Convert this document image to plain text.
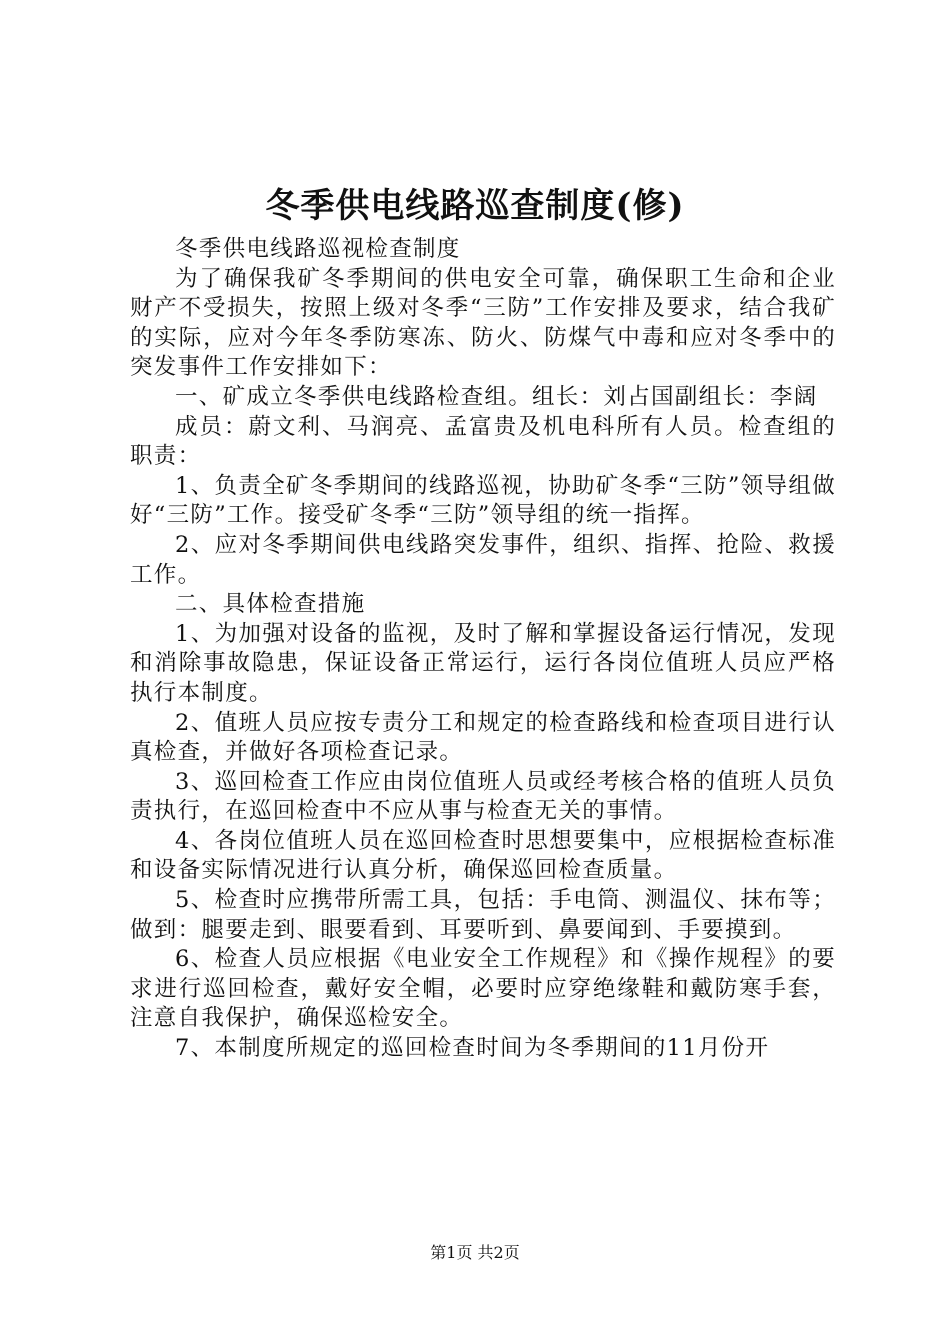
冬季供电线路巡查制度(修)

冬季供电线路巡视检查制度

为了确保我矿冬季期间的供电安全可靠，确保职工生命和企业财产不受损失，按照上级对冬季“三防”工作安排及要求，结合我矿的实际，应对今年冬季防寒冻、防火、防煤气中毒和应对冬季中的突发事件工作安排如下：

一、矿成立冬季供电线路检查组。组长：刘占国副组长：李阔

成员：蔚文利、马润亮、孟富贵及机电科所有人员。检查组的职责：

1、负责全矿冬季期间的线路巡视，协助矿冬季“三防”领导组做好“三防”工作。接受矿冬季“三防”领导组的统一指挥。

2、应对冬季期间供电线路突发事件，组织、指挥、抢险、救援工作。

二、具体检查措施

1、为加强对设备的监视，及时了解和掌握设备运行情况，发现和消除事故隐患，保证设备正常运行，运行各岗位值班人员应严格执行本制度。

2、值班人员应按专责分工和规定的检查路线和检查项目进行认真检查，并做好各项检查记录。

3、巡回检查工作应由岗位值班人员或经考核合格的值班人员负责执行，在巡回检查中不应从事与检查无关的事情。

4、各岗位值班人员在巡回检查时思想要集中，应根据检查标准和设备实际情况进行认真分析，确保巡回检查质量。

5、检查时应携带所需工具，包括：手电筒、测温仪、抹布等；做到：腿要走到、眼要看到、耳要听到、鼻要闻到、手要摸到。

6、检查人员应根据《电业安全工作规程》和《操作规程》的要求进行巡回检查，戴好安全帽，必要时应穿绝缘鞋和戴防寒手套，注意自我保护，确保巡检安全。

7、本制度所规定的巡回检查时间为冬季期间的11月份开

第1页 共2页
